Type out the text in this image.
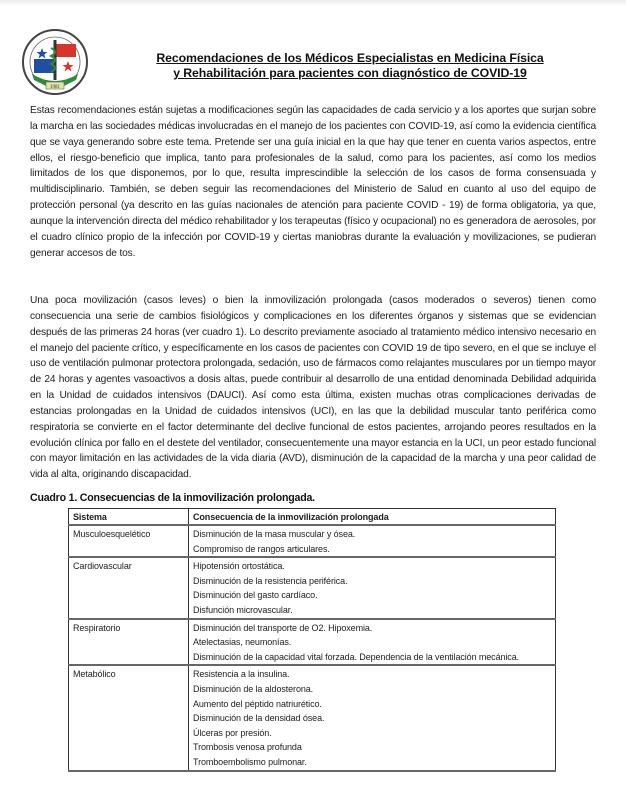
1981
Recomendaciones de los Médicos Especialistas en Medicina Física
y Rehabilitación para pacientes con diagnóstico de COVID-19

Estas recomendaciones están sujetas a modificaciones según las capacidades de cada servicio y a los aportes que surjan sobre la marcha en las sociedades médicas involucradas en el manejo de los pacientes con COVID-19, así como la evidencia científica que se vaya generando sobre este tema. Pretende ser una guía inicial en la que hay que tener en cuenta varios aspectos, entre ellos, el riesgo-beneficio que implica, tanto para profesionales de la salud, como para los pacientes, así como los medios limitados de los que disponemos, por lo que, resulta imprescindible la selección de los casos de forma consensuada y multidisciplinario. También, se deben seguir las recomendaciones del Ministerio de Salud en cuanto al uso del equipo de protección personal (ya descrito en las guías nacionales de atención para paciente COVID - 19) de forma obligatoria, ya que, aunque la intervención directa del médico rehabilitador y los terapeutas (físico y ocupacional) no es generadora de aerosoles, por el cuadro clínico propio de la infección por COVID-19 y ciertas maniobras durante la evaluación y movilizaciones, se pudieran generar accesos de tos.

Una poca movilización (casos leves) o bien la inmovilización prolongada (casos moderados o severos) tienen como consecuencia una serie de cambios fisiológicos y complicaciones en los diferentes órganos y sistemas que se evidencian después de las primeras 24 horas (ver cuadro 1). Lo descrito previamente asociado al tratamiento médico intensivo necesario en el manejo del paciente crítico, y específicamente en los casos de pacientes con COVID 19 de tipo severo, en el que se incluye el uso de ventilación pulmonar protectora prolongada, sedación, uso de fármacos como relajantes musculares por un tiempo mayor de 24 horas y agentes vasoactivos a dosis altas, puede contribuir al desarrollo de una entidad denominada Debilidad adquirida en la Unidad de cuidados intensivos (DAUCI). Así como esta última, existen muchas otras complicaciones derivadas de estancias prolongadas en la Unidad de cuidados intensivos (UCI), en las que la debilidad muscular tanto periférica como respiratoria se convierte en el factor determinante del declive funcional de estos pacientes, arrojando peores resultados en la evolución clínica por fallo en el destete del ventilador, consecuentemente una mayor estancia en la UCI, un peor estado funcional con mayor limitación en las actividades de la vida diaria (AVD), disminución de la capacidad de la marcha y una peor calidad de vida al alta, originando discapacidad.

Cuadro 1. Consecuencias de la inmovilización prolongada.
Sistema	Consecuencia de la inmovilización prolongada
Musculoesquelético	Disminución de la masa muscular y ósea.
Compromiso de rangos articulares.

Cardiovascular	Hipotensión ortostática.
Disminución de la resistencia periférica.
Disminución del gasto cardíaco.
Disfunción microvascular.

Respiratorio	Disminución del transporte de O2. Hipoxemia.
Atelectasias, neumonías.
Disminución de la capacidad vital forzada. Dependencia de la ventilación mecánica.

Metabólico	Resistencia a la insulina.
Disminución de la aldosterona.
Aumento del péptido natriurético.
Disminución de la densidad ósea.
Úlceras por presión.
Trombosis venosa profunda
Tromboembolismo pulmonar.
